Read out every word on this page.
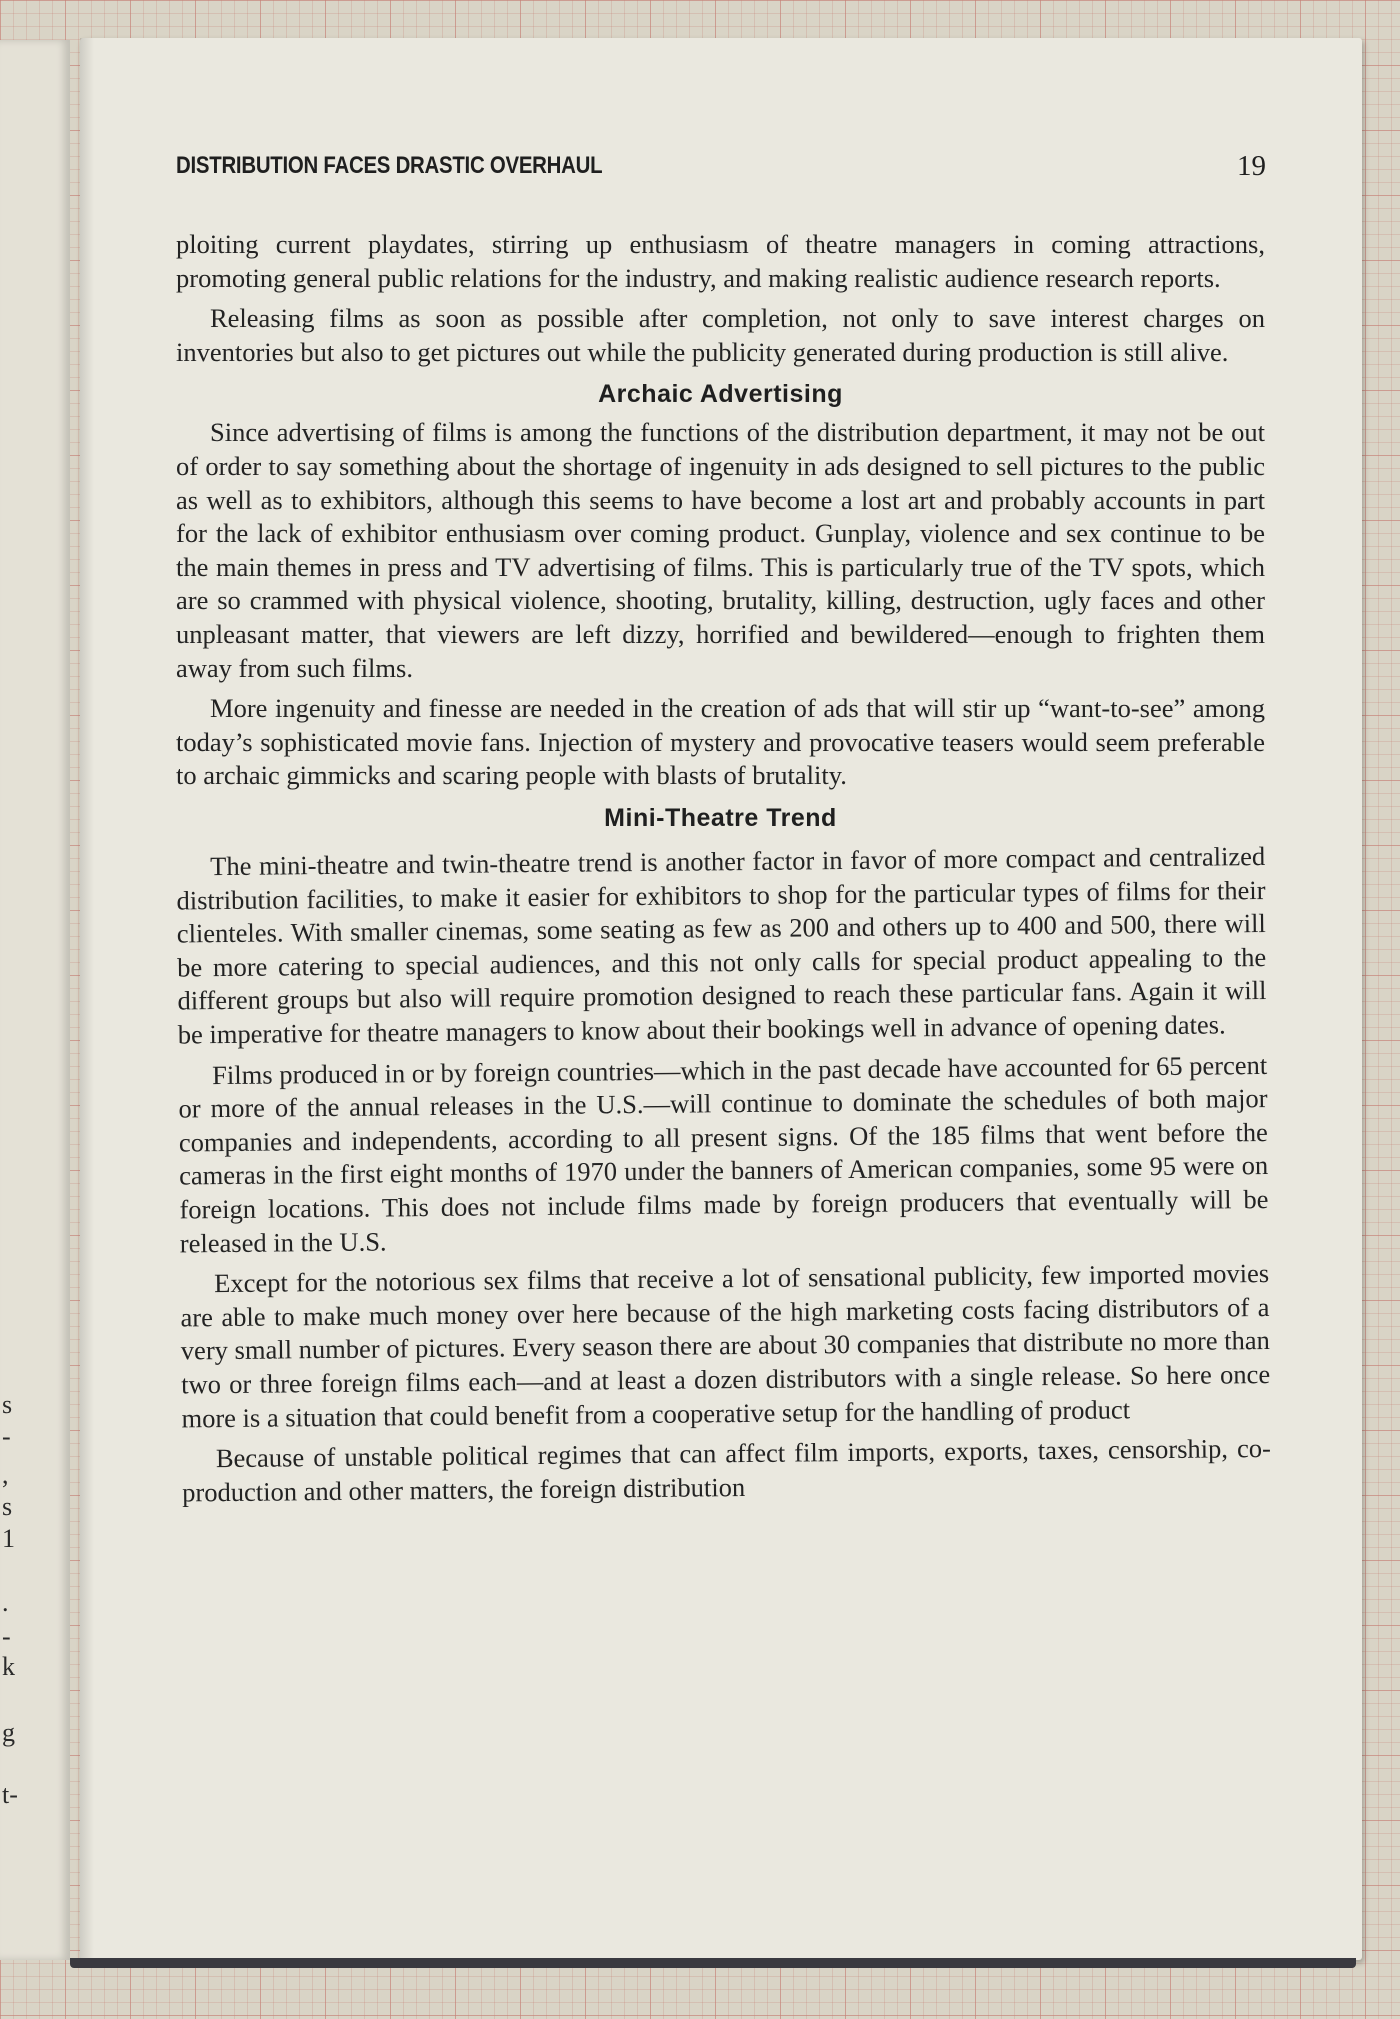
s
-
,
s
1
.
-
k
g
t-
DISTRIBUTION FACES DRASTIC OVERHAUL	19

ploiting current playdates, stirring up enthusiasm of theatre managers in coming attractions, promoting general public relations for the industry, and making realistic audience research reports.

Releasing films as soon as possible after completion, not only to save interest charges on inventories but also to get pictures out while the publicity generated during production is still alive.

Archaic Advertising

Since advertising of films is among the functions of the distribution department, it may not be out of order to say something about the shortage of ingenuity in ads designed to sell pictures to the public as well as to exhibitors, although this seems to have become a lost art and probably accounts in part for the lack of exhibitor enthusiasm over coming product. Gunplay, violence and sex continue to be the main themes in press and TV advertising of films. This is particularly true of the TV spots, which are so crammed with physical violence, shooting, brutality, killing, destruction, ugly faces and other unpleasant matter, that viewers are left dizzy, horrified and bewildered—enough to frighten them away from such films.

More ingenuity and finesse are needed in the creation of ads that will stir up “want-to-see” among today’s sophisticated movie fans. Injection of mystery and provocative teasers would seem preferable to archaic gimmicks and scaring people with blasts of brutality.

Mini-Theatre Trend

The mini-theatre and twin-theatre trend is another factor in favor of more compact and centralized distribution facilities, to make it easier for exhibitors to shop for the particular types of films for their clienteles. With smaller cinemas, some seating as few as 200 and others up to 400 and 500, there will be more catering to special audiences, and this not only calls for special product appealing to the different groups but also will require promotion designed to reach these particular fans. Again it will be imperative for theatre managers to know about their bookings well in advance of opening dates.

Films produced in or by foreign countries—which in the past decade have accounted for 65 percent or more of the annual releases in the U.S.—will continue to dominate the schedules of both major companies and independents, according to all present signs. Of the 185 films that went before the cameras in the first eight months of 1970 under the banners of American companies, some 95 were on foreign locations. This does not include films made by foreign producers that eventually will be released in the U.S.

Except for the notorious sex films that receive a lot of sensational publicity, few imported movies are able to make much money over here because of the high marketing costs facing distributors of a very small number of pictures. Every season there are about 30 companies that distribute no more than two or three foreign films each—and at least a dozen distributors with a single release. So here once more is a situation that could benefit from a cooperative setup for the handling of product

Because of unstable political regimes that can affect film imports, exports, taxes, censorship, co-production and other matters, the foreign distribution
